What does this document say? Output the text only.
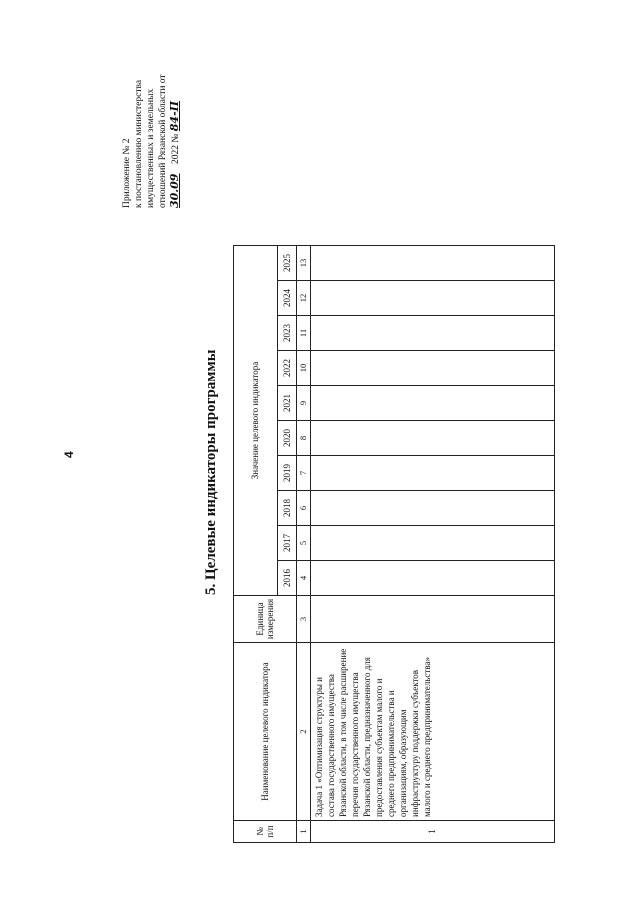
4
Приложение № 2 к постановлению министерства имущественных и земельных отношений Рязанской области от 30.09    2022 № 84-П
5. Целевые индикаторы программы
№ п/п	Наименование целевого индикатора	Единица измерения	Значение целевого индикатора									
			2016	2017	2018	2019	2020	2021	2022	2023	2024	2025
1	2	3	4	5	6	7	8	9	10	11	12	13
1	Задача 1 «Оптимизация структуры и состава государственного имущества Рязанской области, в том числе расширение перечня государственного имущества Рязанской области, предназначенного для предоставления субъектам малого и среднего предпринимательства и организациям, образующим инфраструктуру поддержки субъектов малого и среднего предпринимательства»											
